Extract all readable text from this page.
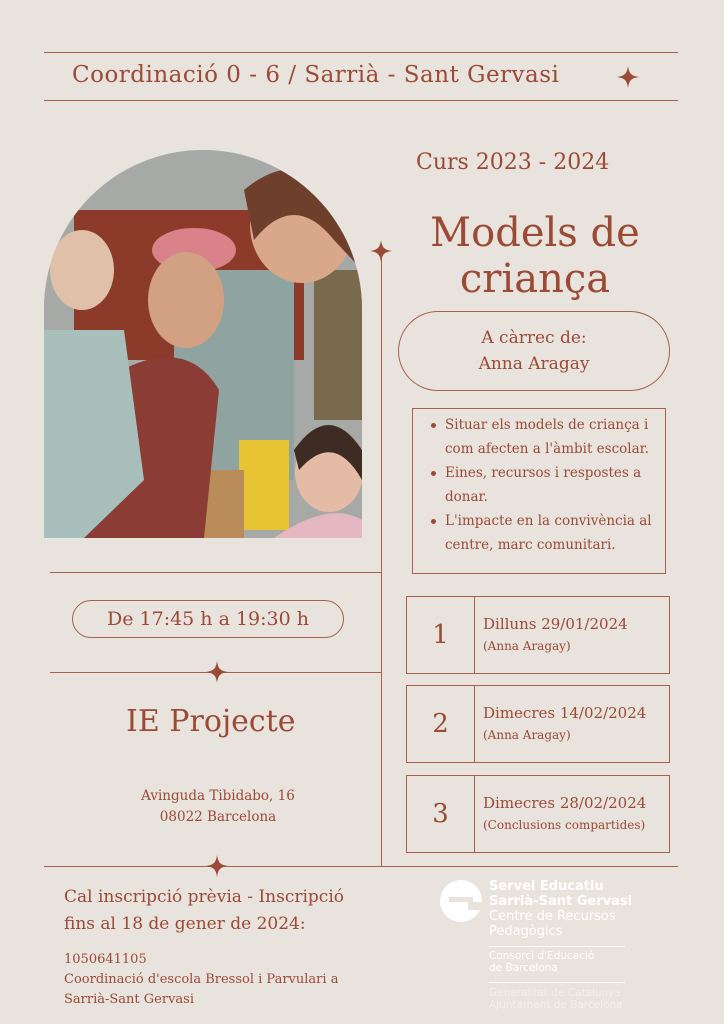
Coordinació 0 - 6 / Sarrià - Sant Gervasi
Curs 2023 - 2024
Models de criança
A càrrec de:
Anna Aragay
Situar els models de criança i com afecten a l'àmbit escolar.
Eines, recursos i respostes a donar.
L'impacte en la convivència al centre, marc comunitari.
De 17:45 h a 19:30 h
IE Projecte
Avinguda Tibidabo, 16
08022 Barcelona
1	Dilluns 29/01/2024
(Anna Aragay)
2	Dimecres 14/02/2024
(Anna Aragay)
3	Dimecres 28/02/2024
(Conclusions compartides)
Cal inscripció prèvia - Inscripció fins al 18 de gener de 2024:
1050641105
Coordinació d'escola Bressol i Parvulari a Sarrià-Sant Gervasi
Servei Educatiu
Sarrià-Sant Gervasi
Centre de Recursos
Pedagògics
Consorci d'Educació
de Barcelona
Generalitat de Catalunya
Ajuntament de Barcelona
